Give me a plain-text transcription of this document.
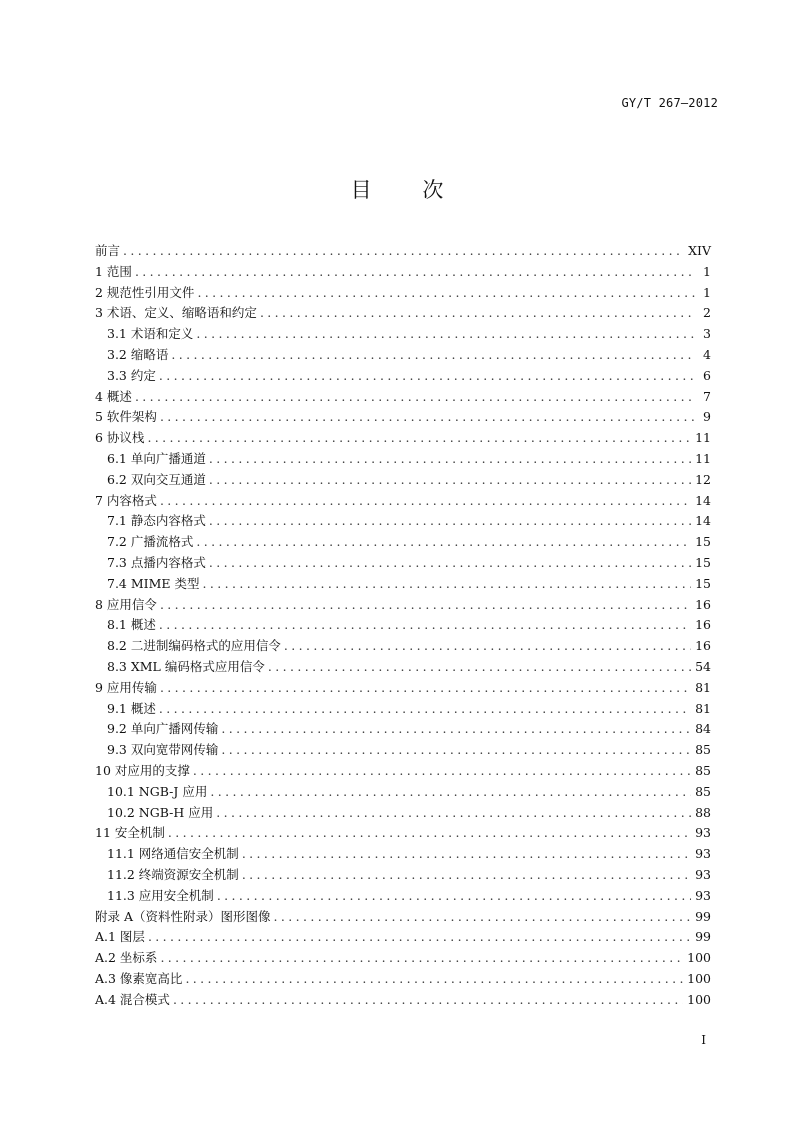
GY/T 267—2012
目 次
前言 .....	XIV
1 范围 .....	1
2 规范性引用文件 .....	1
3 术语、定义、缩略语和约定 .....	2
3.1 术语和定义 .....	3
3.2 缩略语 .....	4
3.3 约定 .....	6
4 概述 .....	7
5 软件架构 .....	9
6 协议栈 .....	11
6.1 单向广播通道 .....	11
6.2 双向交互通道 .....	12
7 内容格式 .....	14
7.1 静态内容格式 .....	14
7.2 广播流格式 .....	15
7.3 点播内容格式 .....	15
7.4 MIME 类型 .....	15
8 应用信令 .....	16
8.1 概述 .....	16
8.2 二进制编码格式的应用信令 .....	16
8.3 XML 编码格式应用信令 .....	54
9 应用传输 .....	81
9.1 概述 .....	81
9.2 单向广播网传输 .....	84
9.3 双向宽带网传输 .....	85
10 对应用的支撑 .....	85
10.1 NGB-J 应用 .....	85
10.2 NGB-H 应用 .....	88
11 安全机制 .....	93
11.1 网络通信安全机制 .....	93
11.2 终端资源安全机制 .....	93
11.3 应用安全机制 .....	93
附录 A（资料性附录）图形图像 .....	99
A.1 图层 .....	99
A.2 坐标系 .....	100
A.3 像素宽高比 .....	100
A.4 混合模式 .....	100
I
